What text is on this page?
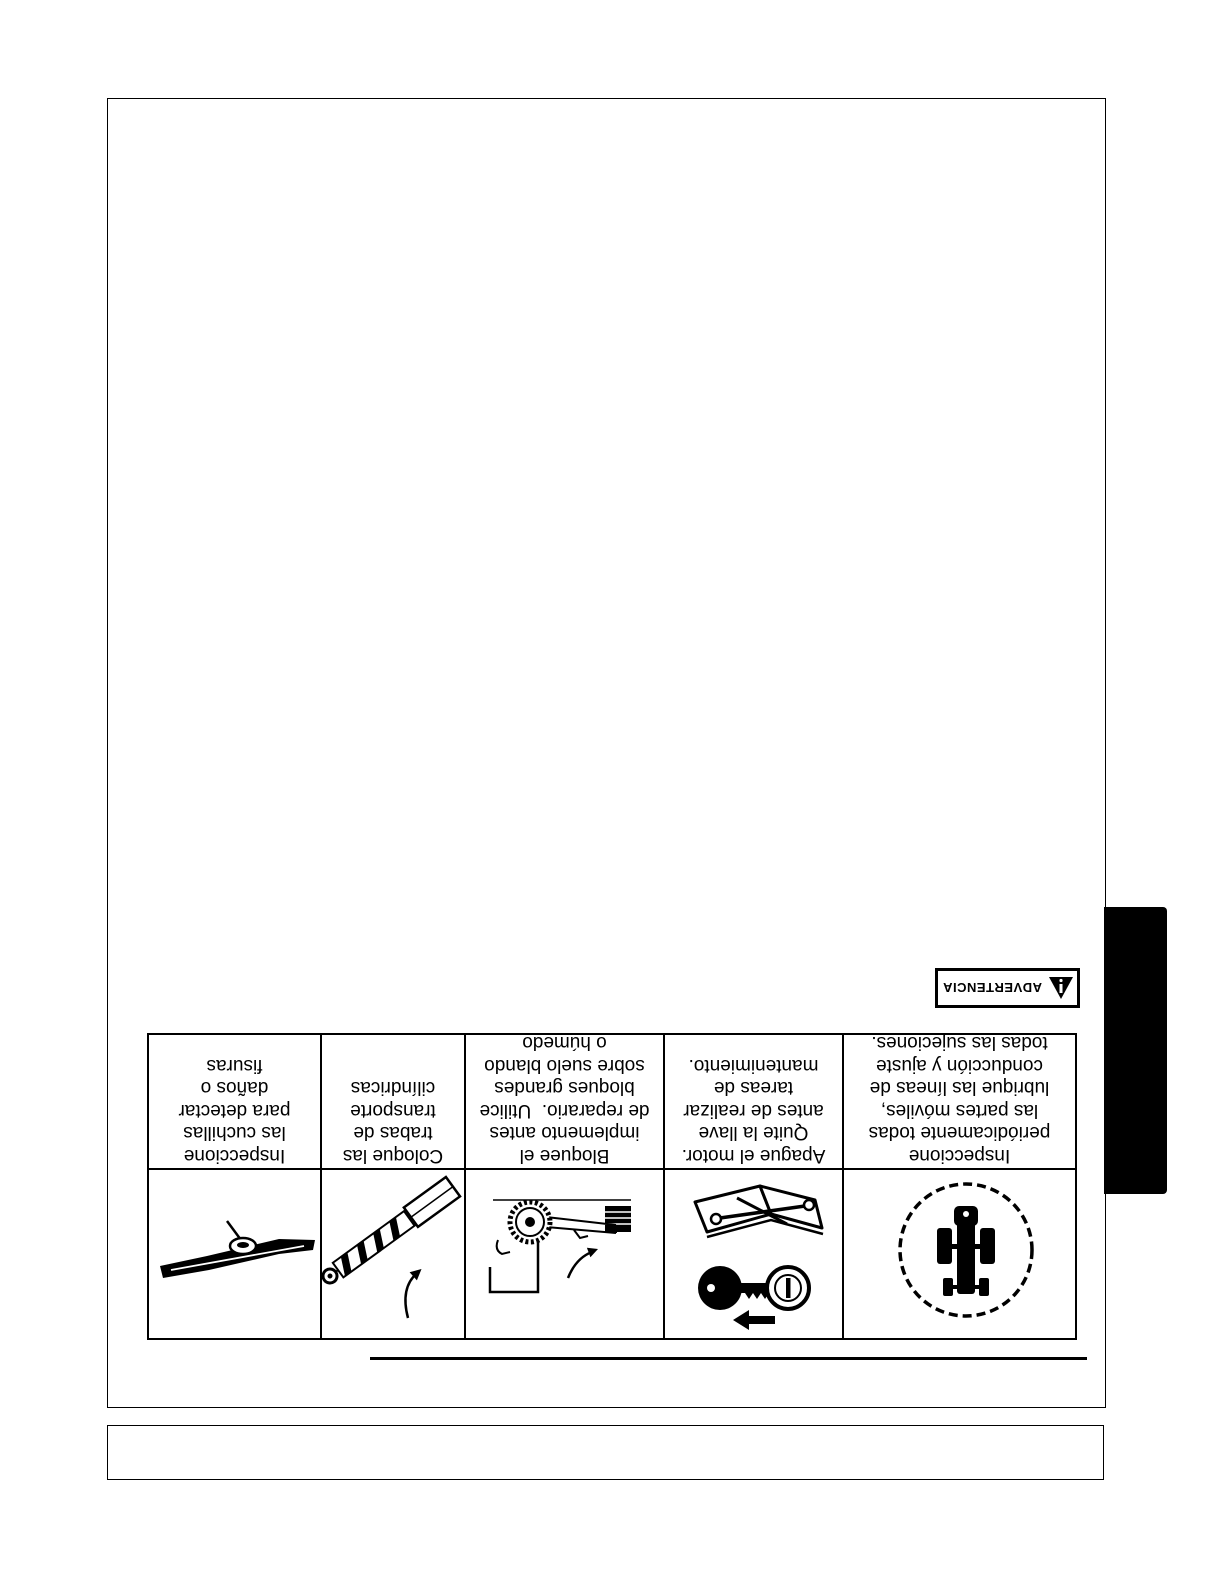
ADVERTENCIA
Inspeccione
periódicamente todas
las partes móviles,
lubrique las líneas de
conducción y ajuste
todas las sujeciones.
Apague el motor.
Quite la llave
antes de realizar
tareas de
mantenimiento.
Bloquee el
implemento antes
de reparario.  Utilice
bloques grandes
sobre suelo blando
o húmedo
Coloque las
trabas de
transporte
cilíndricas
Inspeccione
las cuchillas
para detectar
daños o
fisuras
